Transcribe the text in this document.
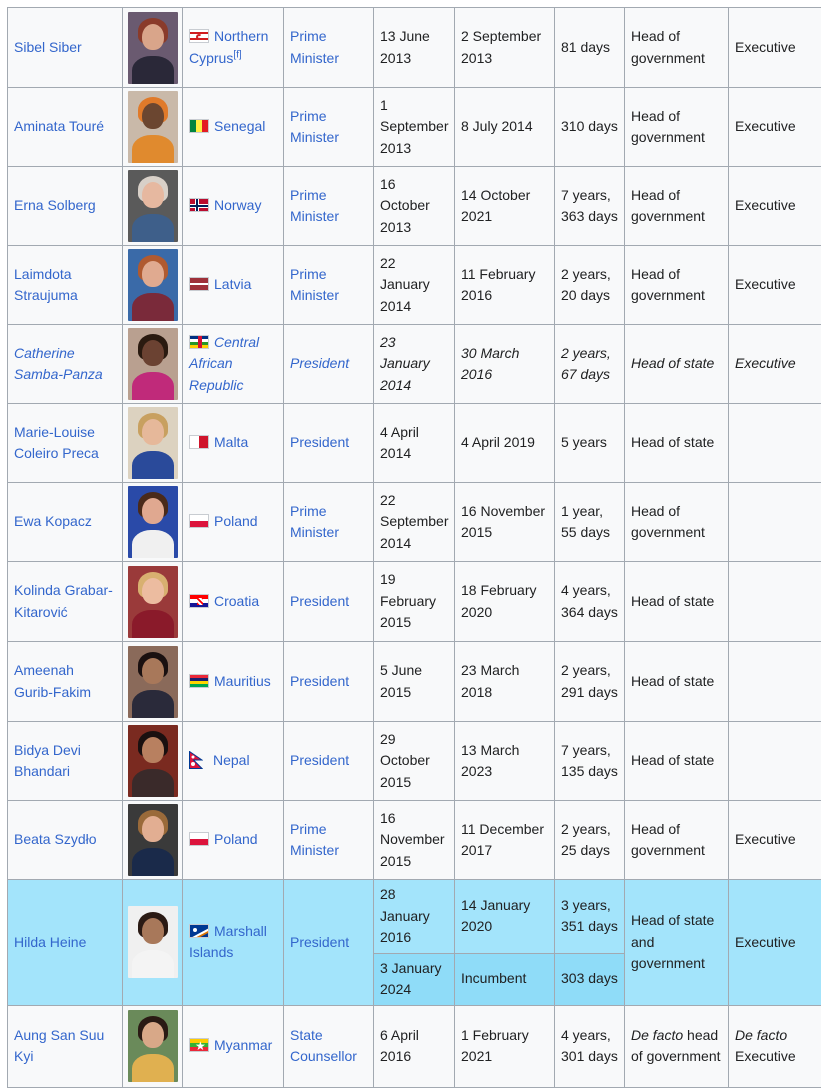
Sibel Siber		Northern Cyprus[f]	Prime Minister	13 June 2013	2 September 2013	81 days	Head of government	Executive
Aminata Touré		Senegal	Prime Minister	1 September 2013	8 July 2014	310 days	Head of government	Executive
Erna Solberg		Norway	Prime Minister	16 October 2013	14 October 2021	7 years, 363 days	Head of government	Executive
Laimdota Straujuma		Latvia	Prime Minister	22 January 2014	11 February 2016	2 years, 20 days	Head of government	Executive
Catherine Samba-Panza		Central African Republic	President	23 January 2014	30 March 2016	2 years, 67 days	Head of state	Executive
Marie-Louise Coleiro Preca		Malta	President	4 April 2014	4 April 2019	5 years	Head of state	
Ewa Kopacz		Poland	Prime Minister	22 September 2014	16 November 2015	1 year, 55 days	Head of government	
Kolinda Grabar-Kitarović		Croatia	President	19 February 2015	18 February 2020	4 years, 364 days	Head of state	
Ameenah Gurib-Fakim		Mauritius	President	5 June 2015	23 March 2018	2 years, 291 days	Head of state	
Bidya Devi Bhandari		Nepal	President	29 October 2015	13 March 2023	7 years, 135 days	Head of state	
Beata Szydło		Poland	Prime Minister	16 November 2015	11 December 2017	2 years, 25 days	Head of government	Executive
Hilda Heine		Marshall Islands	President	28 January 2016	14 January 2020	3 years, 351 days	Head of state and government	Executive
				3 January 2024	Incumbent	303 days		
Aung San Suu Kyi		★ Myanmar	State Counsellor	6 April 2016	1 February 2021	4 years, 301 days	De facto head of government	De facto Executive
